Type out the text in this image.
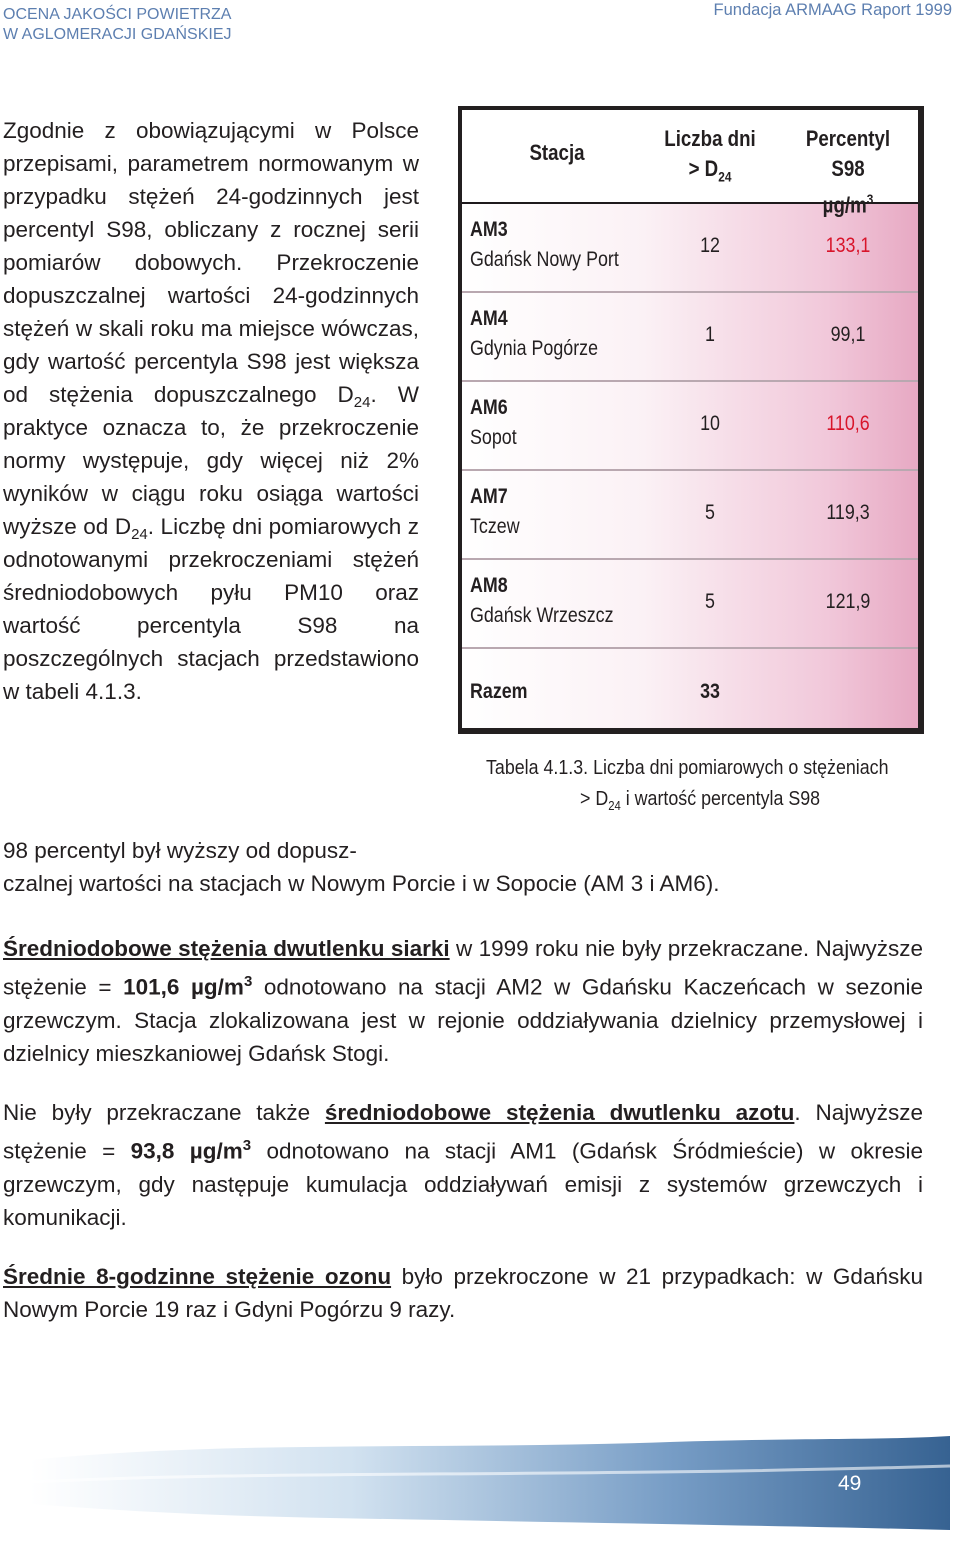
OCENA JAKOŚCI POWIETRZA
W AGLOMERACJI GDAŃSKIEJ
Fundacja ARMAAG Raport 1999
Zgodnie z obowiązującymi w Polsce przepisami, parametrem normowanym w przypadku stężeń 24-godzinnych jest percentyl S98, obliczany z rocznej serii pomiarów dobowych. Przekroczenie dopuszczalnej wartości 24-godzinnych stężeń w skali roku ma miejsce wówczas, gdy wartość percentyla S98 jest większa od stężenia dopuszczalnego $D_{24}$. W praktyce oznacza to, że przekroczenie normy występuje, gdy więcej niż 2% wyników w ciągu roku osiąga wartości wyższe od $D_{24}$. Liczbę dni pomiarowych z odnotowanymi przekroczeniami stężeń średniodobowych pyłu PM10 oraz wartość percentyla S98 na poszczególnych stacjach przedstawiono w tabeli 4.1.3.
Stacja
Liczba dni
> $D_{24}$
Percentyl S98
$\mu g/m^3$
AM3
Gdańsk Nowy Port
12	133,1
AM4
Gdynia Pogórze
1	99,1
AM6
Sopot
10	110,6
AM7
Tczew
5	119,3
AM8
Gdańsk Wrzeszcz
5	121,9
Razem	33
Tabela 4.1.3. Liczba dni pomiarowych o stężeniach
> $D_{24}$ i wartość percentyla S98
98 percentyl był wyższy od dopusz-
czalnej wartości na stacjach w Nowym Porcie i w Sopocie (AM 3 i AM6).
Średniodobowe stężenia dwutlenku siarki w 1999 roku nie były przekraczane. Najwyższe stężenie = 101,6 $\mu g/m^3$ odnotowano na stacji AM2 w Gdańsku Kaczeńcach w sezonie grzewczym. Stacja zlokalizowana jest w rejonie oddziaływania dzielnicy przemysłowej i dzielnicy mieszkaniowej Gdańsk Stogi.
Nie były przekraczane także średniodobowe stężenia dwutlenku azotu. Najwyższe stężenie = 93,8 $\mu g/m^3$ odnotowano na stacji AM1 (Gdańsk Śródmieście) w okresie grzewczym, gdy następuje kumulacja oddziaływań emisji z systemów grzewczych i komunikacji.
Średnie 8-godzinne stężenie ozonu było przekroczone w 21 przypadkach: w Gdańsku Nowym Porcie 19 raz i Gdyni Pogórzu 9 razy.
49
